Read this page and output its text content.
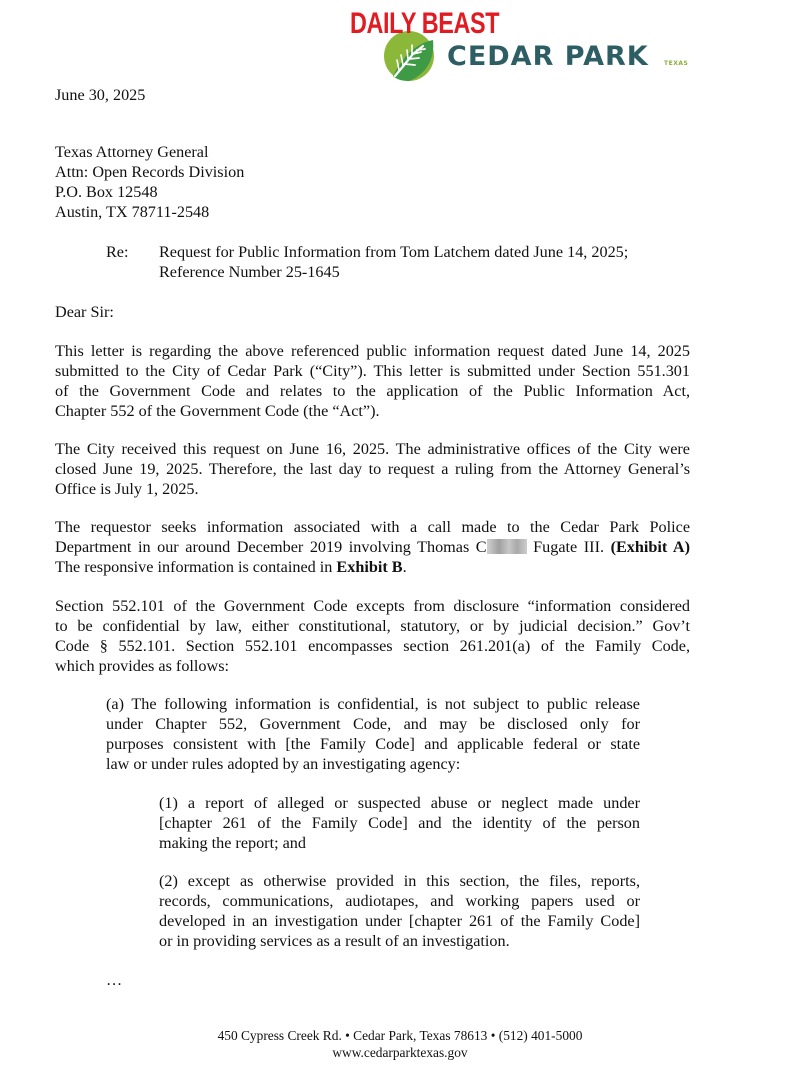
DAILY BEAST
CEDAR PARK	TEXAS
June 30, 2025
Texas Attorney General
Attn: Open Records Division
P.O. Box 12548
Austin, TX 78711-2548
Re: Request for Public Information from Tom Latchem dated June 14, 2025;
Reference Number 25-1645
Dear Sir:
This letter is regarding the above referenced public information request dated June 14, 2025
submitted to the City of Cedar Park (“City”). This letter is submitted under Section 551.301
of the Government Code and relates to the application of the Public Information Act,
Chapter 552 of the Government Code (the “Act”).
The City received this request on June 16, 2025. The administrative offices of the City were
closed June 19, 2025. Therefore, the last day to request a ruling from the Attorney General’s
Office is July 1, 2025.
The requestor seeks information associated with a call made to the Cedar Park Police
Department in our around December 2019 involving Thomas C Fugate III. (Exhibit A)
The responsive information is contained in Exhibit B.
Section 552.101 of the Government Code excepts from disclosure “information considered
to be confidential by law, either constitutional, statutory, or by judicial decision.” Gov’t
Code § 552.101. Section 552.101 encompasses section 261.201(a) of the Family Code,
which provides as follows:
(a) The following information is confidential, is not subject to public release
under Chapter 552, Government Code, and may be disclosed only for
purposes consistent with [the Family Code] and applicable federal or state
law or under rules adopted by an investigating agency:
(1) a report of alleged or suspected abuse or neglect made under
[chapter 261 of the Family Code] and the identity of the person
making the report; and
(2) except as otherwise provided in this section, the files, reports,
records, communications, audiotapes, and working papers used or
developed in an investigation under [chapter 261 of the Family Code]
or in providing services as a result of an investigation.
…
450 Cypress Creek Rd. • Cedar Park, Texas 78613 • (512) 401-5000
www.cedarparktexas.gov
